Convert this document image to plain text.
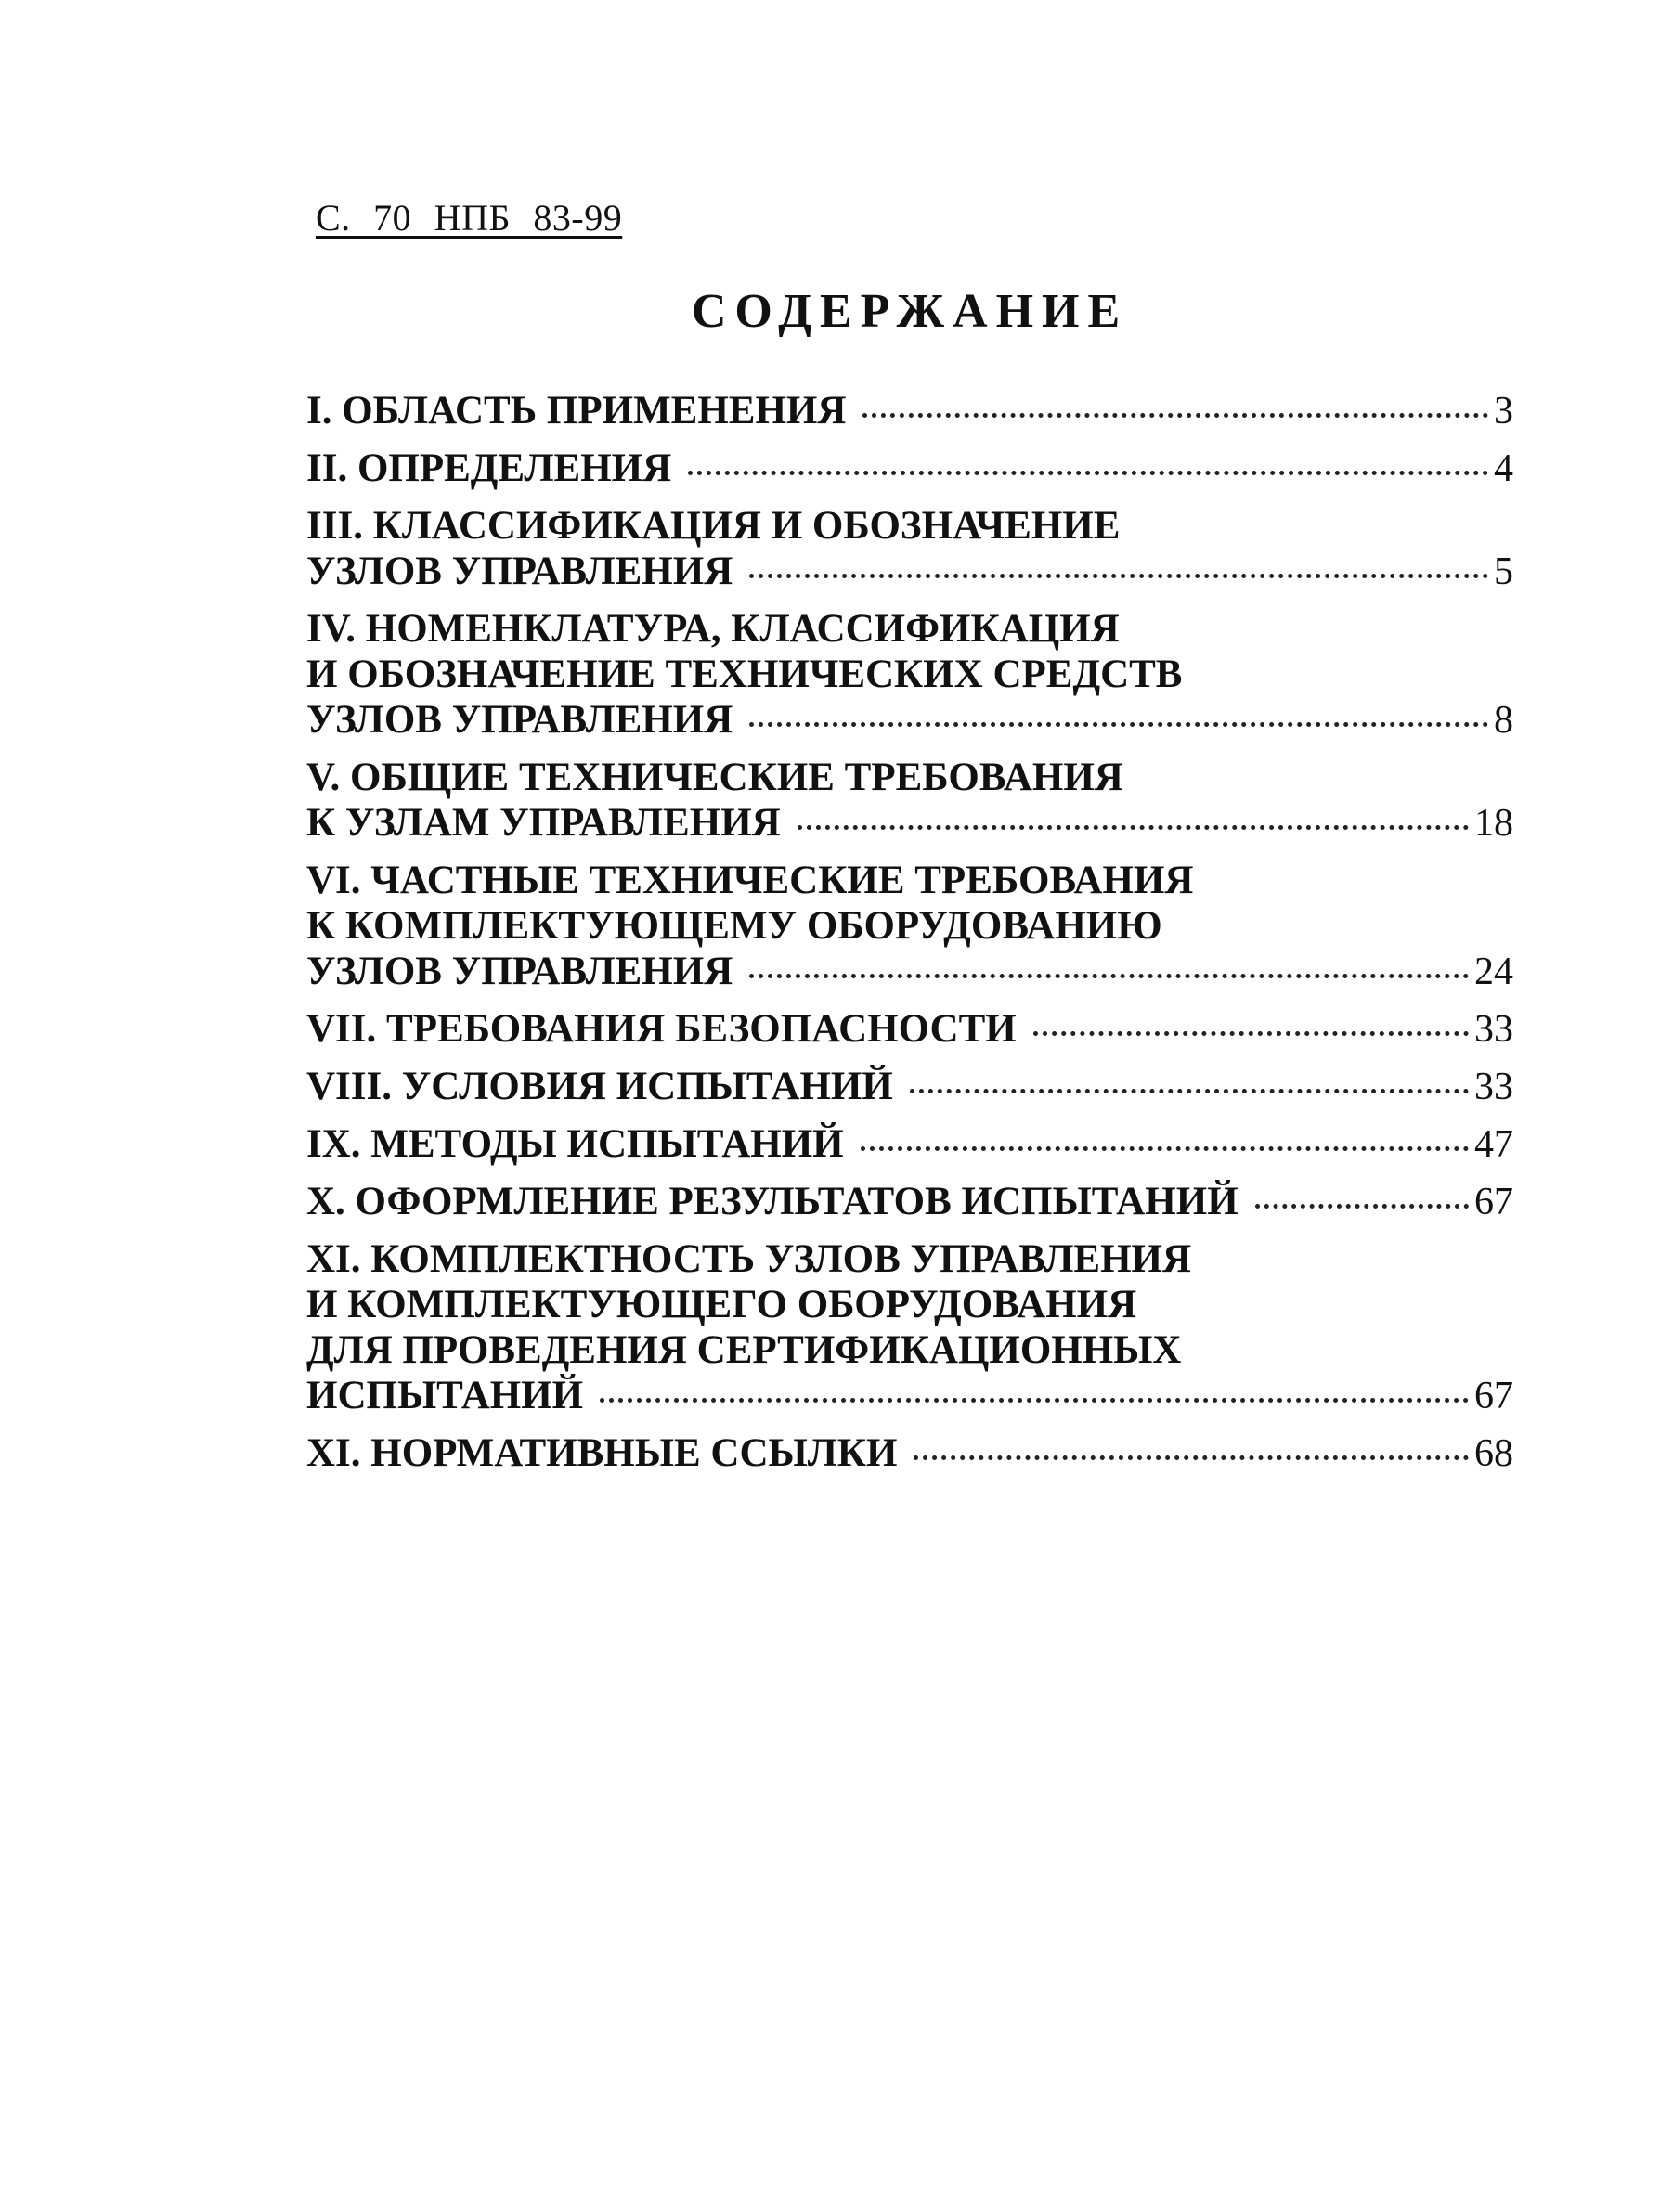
С. 70 НПБ 83-99
СОДЕРЖАНИЕ
I. ОБЛАСТЬ ПРИМЕНЕНИЯ	3
II. ОПРЕДЕЛЕНИЯ	4
III. КЛАССИФИКАЦИЯ И ОБОЗНАЧЕНИЕ
УЗЛОВ УПРАВЛЕНИЯ	5
IV. НОМЕНКЛАТУРА, КЛАССИФИКАЦИЯ
И ОБОЗНАЧЕНИЕ ТЕХНИЧЕСКИХ СРЕДСТВ
УЗЛОВ УПРАВЛЕНИЯ	8
V. ОБЩИЕ ТЕХНИЧЕСКИЕ ТРЕБОВАНИЯ
К УЗЛАМ УПРАВЛЕНИЯ	18
VI. ЧАСТНЫЕ ТЕХНИЧЕСКИЕ ТРЕБОВАНИЯ
К КОМПЛЕКТУЮЩЕМУ ОБОРУДОВАНИЮ
УЗЛОВ УПРАВЛЕНИЯ	24
VII. ТРЕБОВАНИЯ БЕЗОПАСНОСТИ	33
VIII. УСЛОВИЯ ИСПЫТАНИЙ	33
IX. МЕТОДЫ ИСПЫТАНИЙ	47
X. ОФОРМЛЕНИЕ РЕЗУЛЬТАТОВ ИСПЫТАНИЙ	67
XI. КОМПЛЕКТНОСТЬ УЗЛОВ УПРАВЛЕНИЯ
И КОМПЛЕКТУЮЩЕГО ОБОРУДОВАНИЯ
ДЛЯ ПРОВЕДЕНИЯ СЕРТИФИКАЦИОННЫХ
ИСПЫТАНИЙ	67
XI. НОРМАТИВНЫЕ ССЫЛКИ	68
